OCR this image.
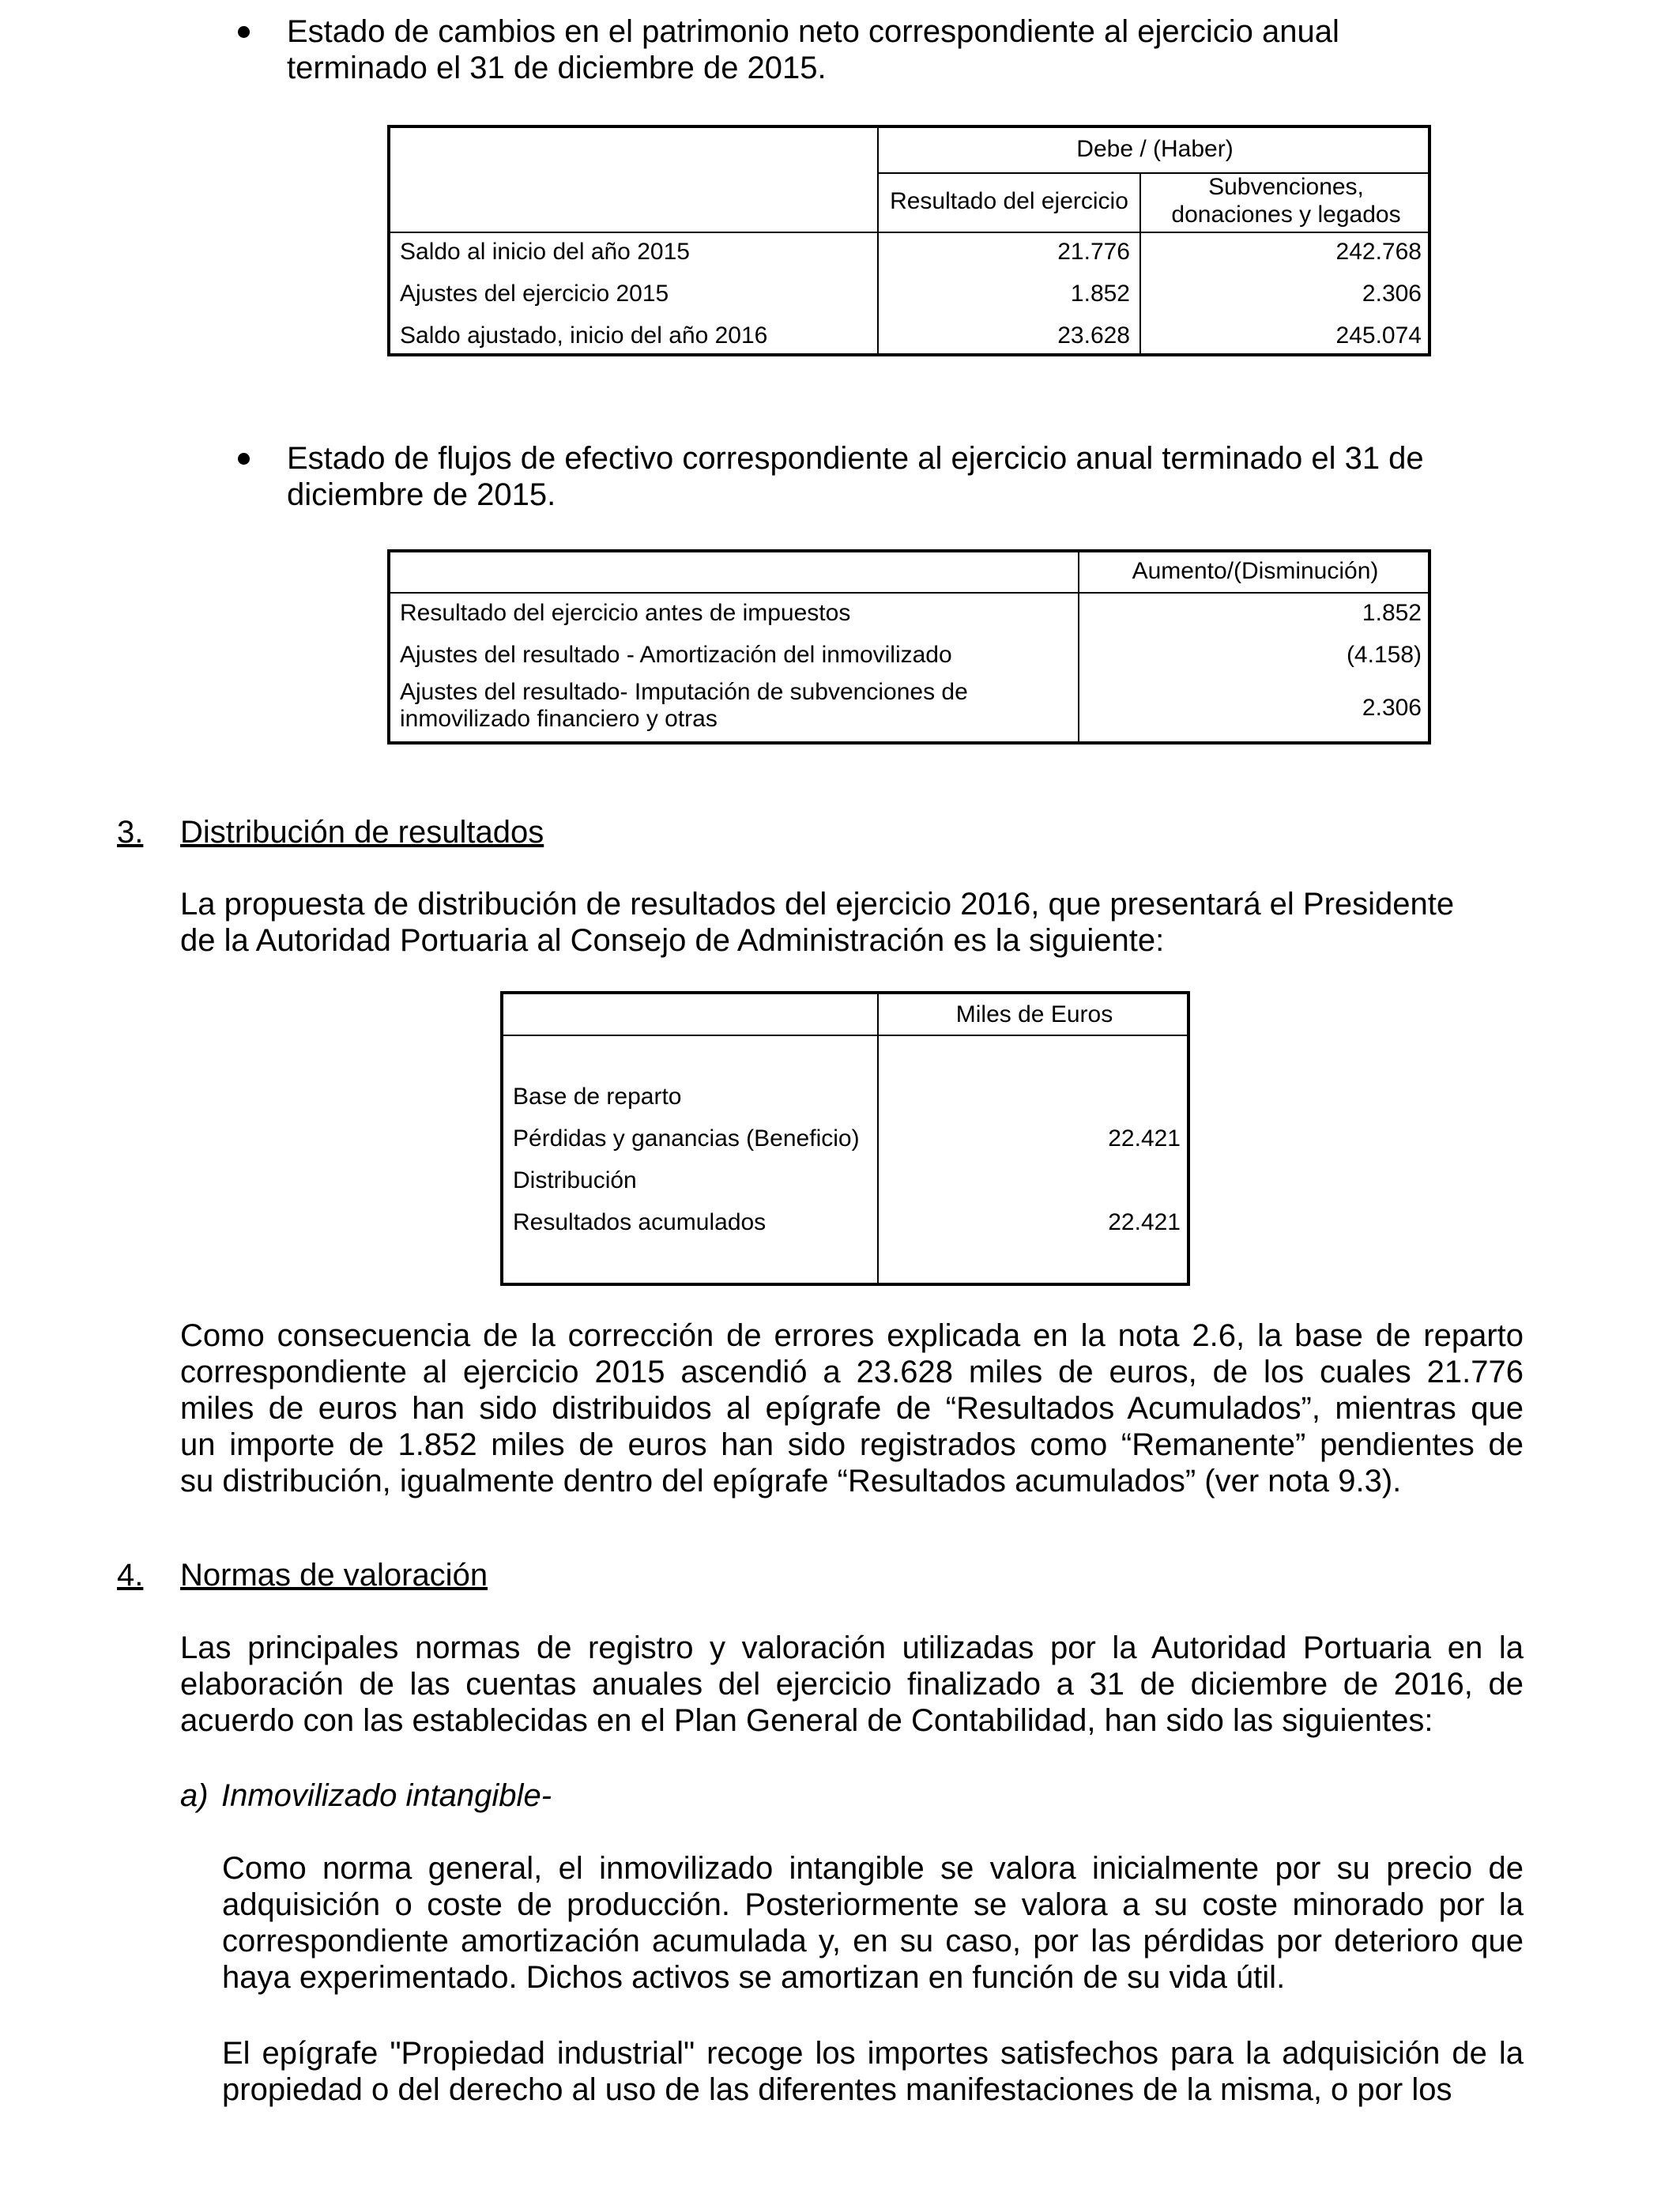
Estado de cambios en el patrimonio neto correspondiente al ejercicio anual
terminado el 31 de diciembre de 2015.
Debe / (Haber)
Resultado del ejercicio
Subvenciones,
donaciones y legados
Saldo al inicio del año 2015	21.776	242.768
Ajustes del ejercicio 2015	1.852	2.306
Saldo ajustado, inicio del año 2016	23.628	245.074
Estado de flujos de efectivo correspondiente al ejercicio anual terminado el 31 de
diciembre de 2015.
Aumento/(Disminución)
Resultado del ejercicio antes de impuestos	1.852
Ajustes del resultado - Amortización del inmovilizado	(4.158)
Ajustes del resultado- Imputación de subvenciones de
inmovilizado financiero y otras	2.306
3. Distribución de resultados
La propuesta de distribución de resultados del ejercicio 2016, que presentará el Presidente
de la Autoridad Portuaria al Consejo de Administración es la siguiente:
Miles de Euros
Base de reparto
Pérdidas y ganancias (Beneficio)	22.421
Distribución
Resultados acumulados	22.421
Como consecuencia de la corrección de errores explicada en la nota 2.6, la base de reparto
correspondiente al ejercicio 2015 ascendió a 23.628 miles de euros, de los cuales 21.776
miles de euros han sido distribuidos al epígrafe de “Resultados Acumulados”, mientras que
un importe de 1.852 miles de euros han sido registrados como “Remanente” pendientes de
su distribución, igualmente dentro del epígrafe “Resultados acumulados” (ver nota 9.3).
4. Normas de valoración
Las principales normas de registro y valoración utilizadas por la Autoridad Portuaria en la
elaboración de las cuentas anuales del ejercicio finalizado a 31 de diciembre de 2016, de
acuerdo con las establecidas en el Plan General de Contabilidad, han sido las siguientes:
a) Inmovilizado intangible-
Como norma general, el inmovilizado intangible se valora inicialmente por su precio de
adquisición o coste de producción. Posteriormente se valora a su coste minorado por la
correspondiente amortización acumulada y, en su caso, por las pérdidas por deterioro que
haya experimentado. Dichos activos se amortizan en función de su vida útil.
El epígrafe "Propiedad industrial" recoge los importes satisfechos para la adquisición de la
propiedad o del derecho al uso de las diferentes manifestaciones de la misma, o por los
